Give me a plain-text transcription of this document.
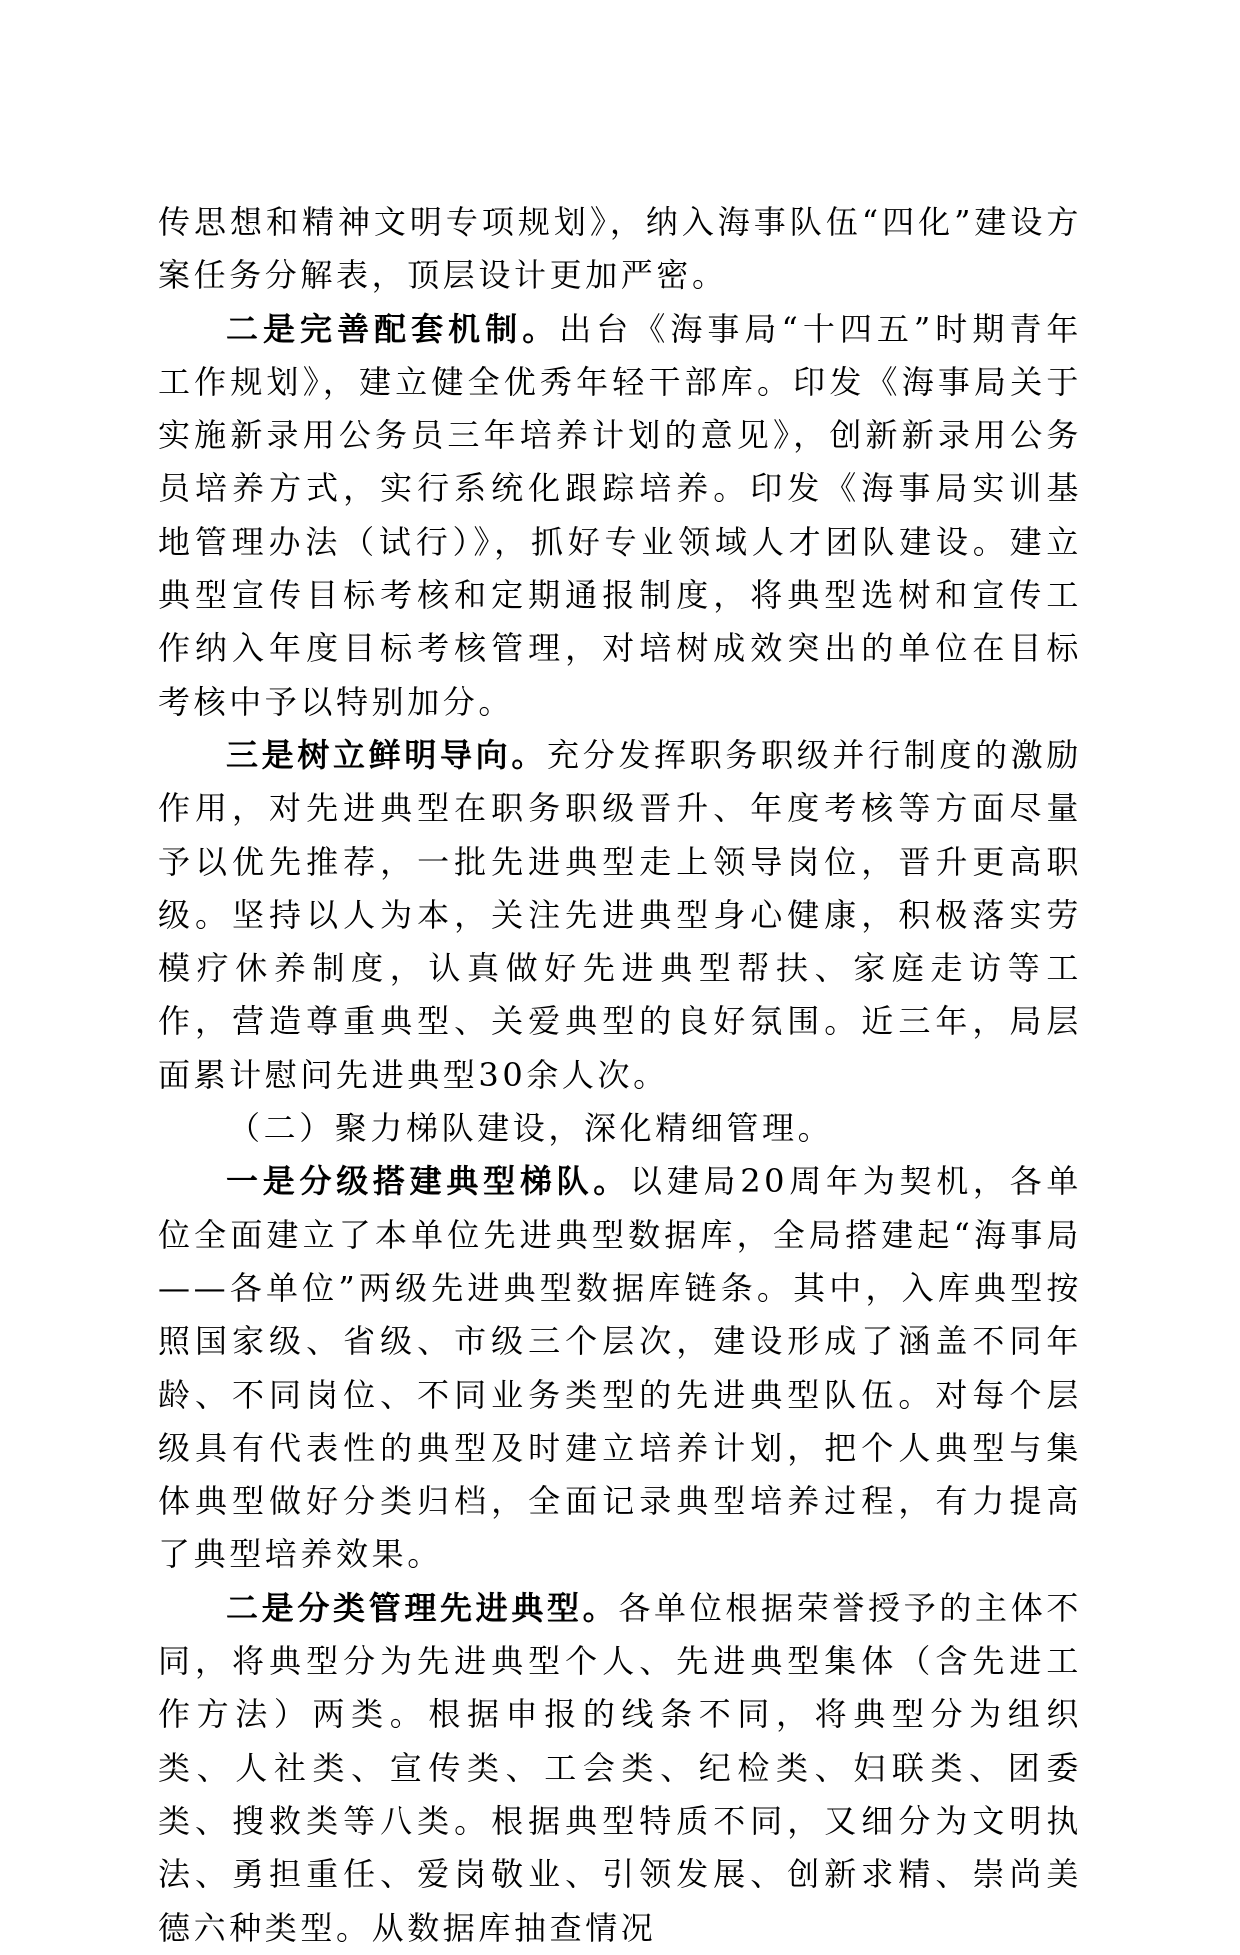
传思想和精神文明专项规划》，纳入海事队伍“四化”建设方案任务分解表，顶层设计更加严密。

二是完善配套机制。出台《海事局“十四五”时期青年工作规划》，建立健全优秀年轻干部库。印发《海事局关于实施新录用公务员三年培养计划的意见》，创新新录用公务员培养方式，实行系统化跟踪培养。印发《海事局实训基地管理办法（试行）》，抓好专业领域人才团队建设。建立典型宣传目标考核和定期通报制度，将典型选树和宣传工作纳入年度目标考核管理，对培树成效突出的单位在目标考核中予以特别加分。

三是树立鲜明导向。充分发挥职务职级并行制度的激励作用，对先进典型在职务职级晋升、年度考核等方面尽量予以优先推荐，一批先进典型走上领导岗位，晋升更高职级。坚持以人为本，关注先进典型身心健康，积极落实劳模疗休养制度，认真做好先进典型帮扶、家庭走访等工作，营造尊重典型、关爱典型的良好氛围。近三年，局层面累计慰问先进典型30余人次。

（二）聚力梯队建设，深化精细管理。

一是分级搭建典型梯队。以建局20周年为契机，各单位全面建立了本单位先进典型数据库，全局搭建起“海事局——各单位”两级先进典型数据库链条。其中，入库典型按照国家级、省级、市级三个层次，建设形成了涵盖不同年龄、不同岗位、不同业务类型的先进典型队伍。对每个层级具有代表性的典型及时建立培养计划，把个人典型与集体典型做好分类归档，全面记录典型培养过程，有力提高了典型培养效果。

二是分类管理先进典型。各单位根据荣誉授予的主体不同，将典型分为先进典型个人、先进典型集体（含先进工作方法）两类。根据申报的线条不同，将典型分为组织类、人社类、宣传类、工会类、纪检类、妇联类、团委类、搜救类等八类。根据典型特质不同，又细分为文明执法、勇担重任、爱岗敬业、引领发展、创新求精、崇尚美德六种类型。从数据库抽查情况
